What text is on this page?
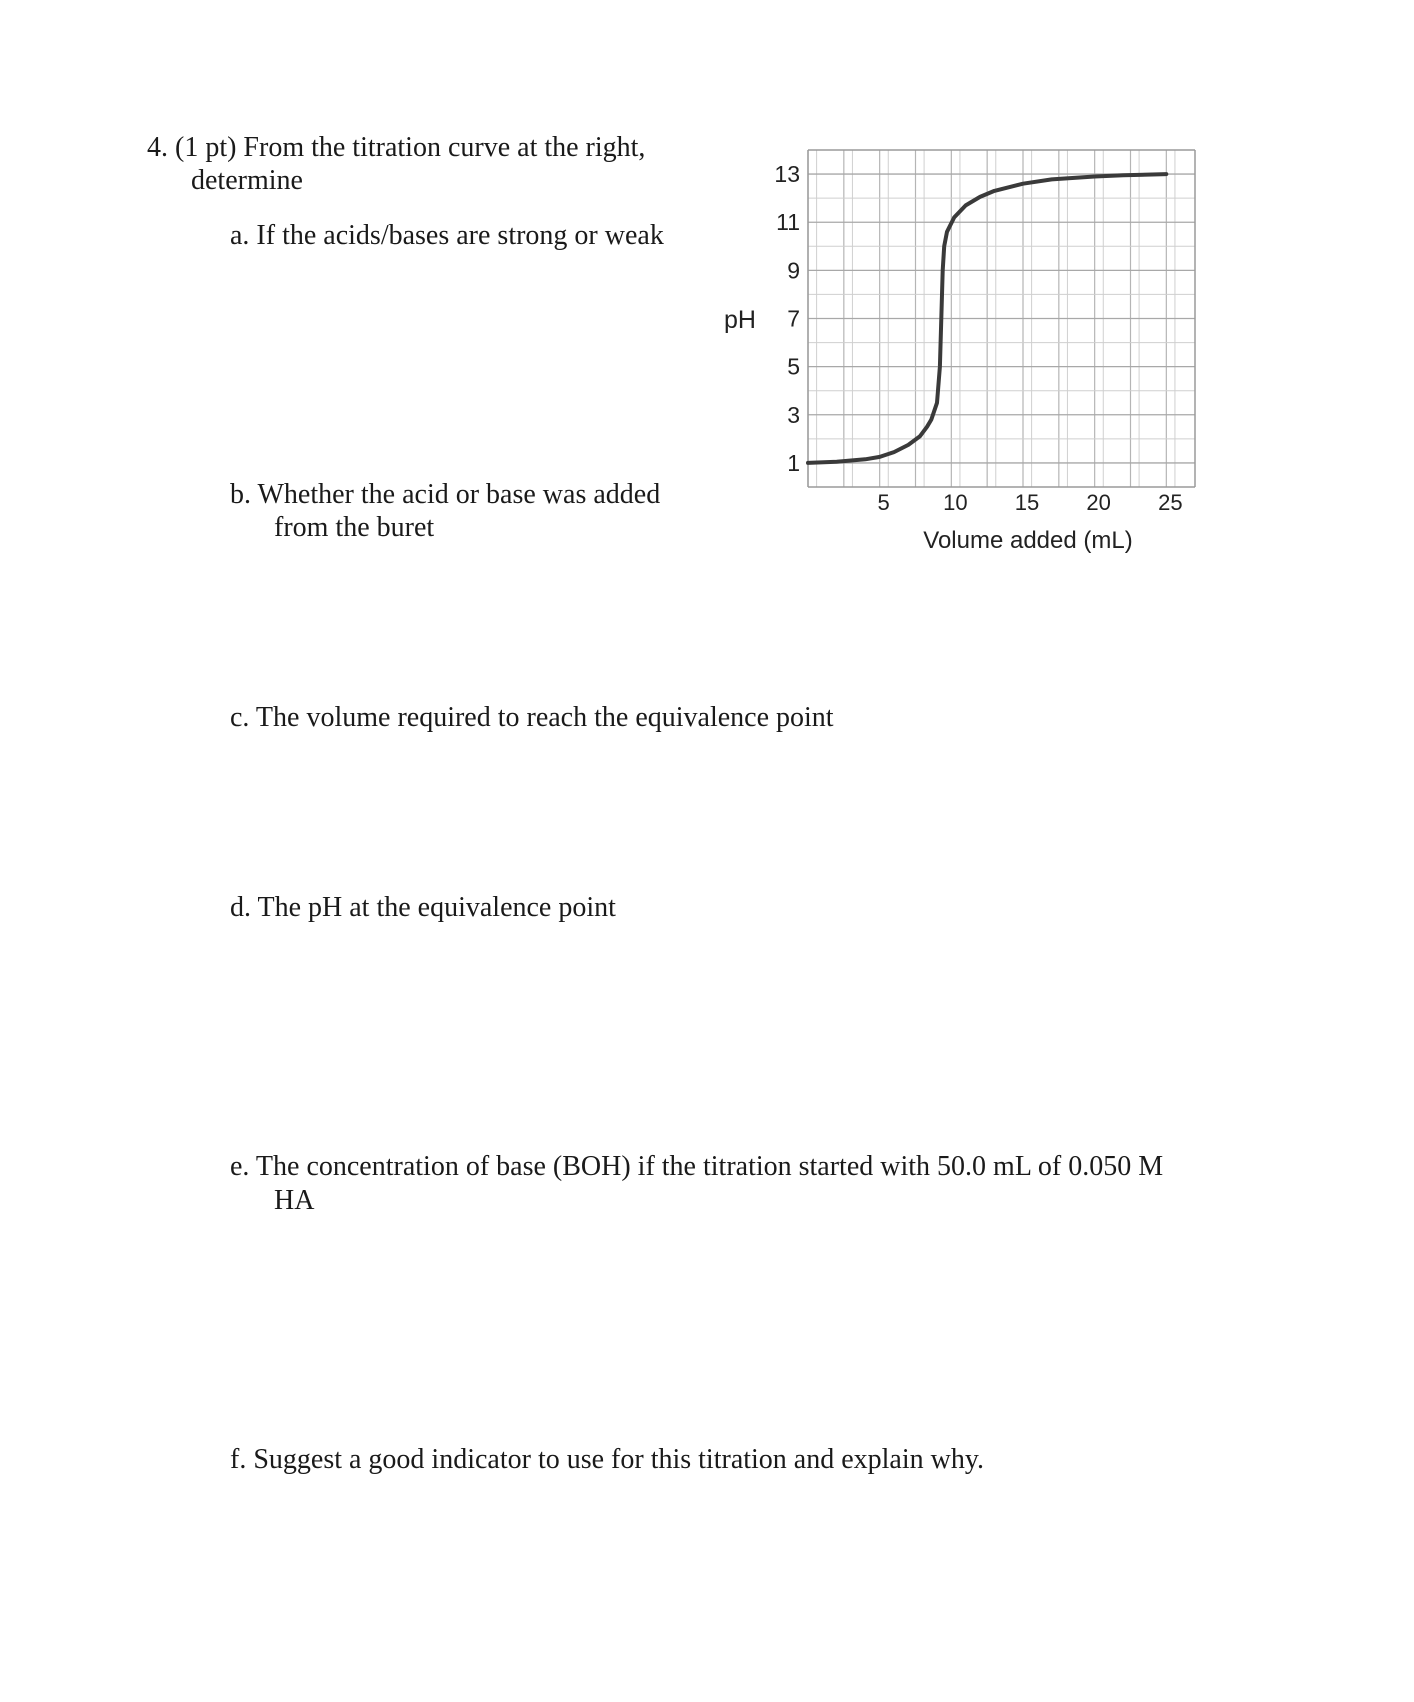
4. (1 pt) From the titration curve at the right,
determine
a. If the acids/bases are strong or weak
b. Whether the acid or base was added
from the buret
c. The volume required to reach the equivalence point
d. The pH at the equivalence point
e. The concentration of base (BOH) if the titration started with 50.0 mL of 0.050 M
HA
f. Suggest a good indicator to use for this titration and explain why.
1
3
5
7
9
11
13
5 10 15 20 25
pH
Volume added (mL)
